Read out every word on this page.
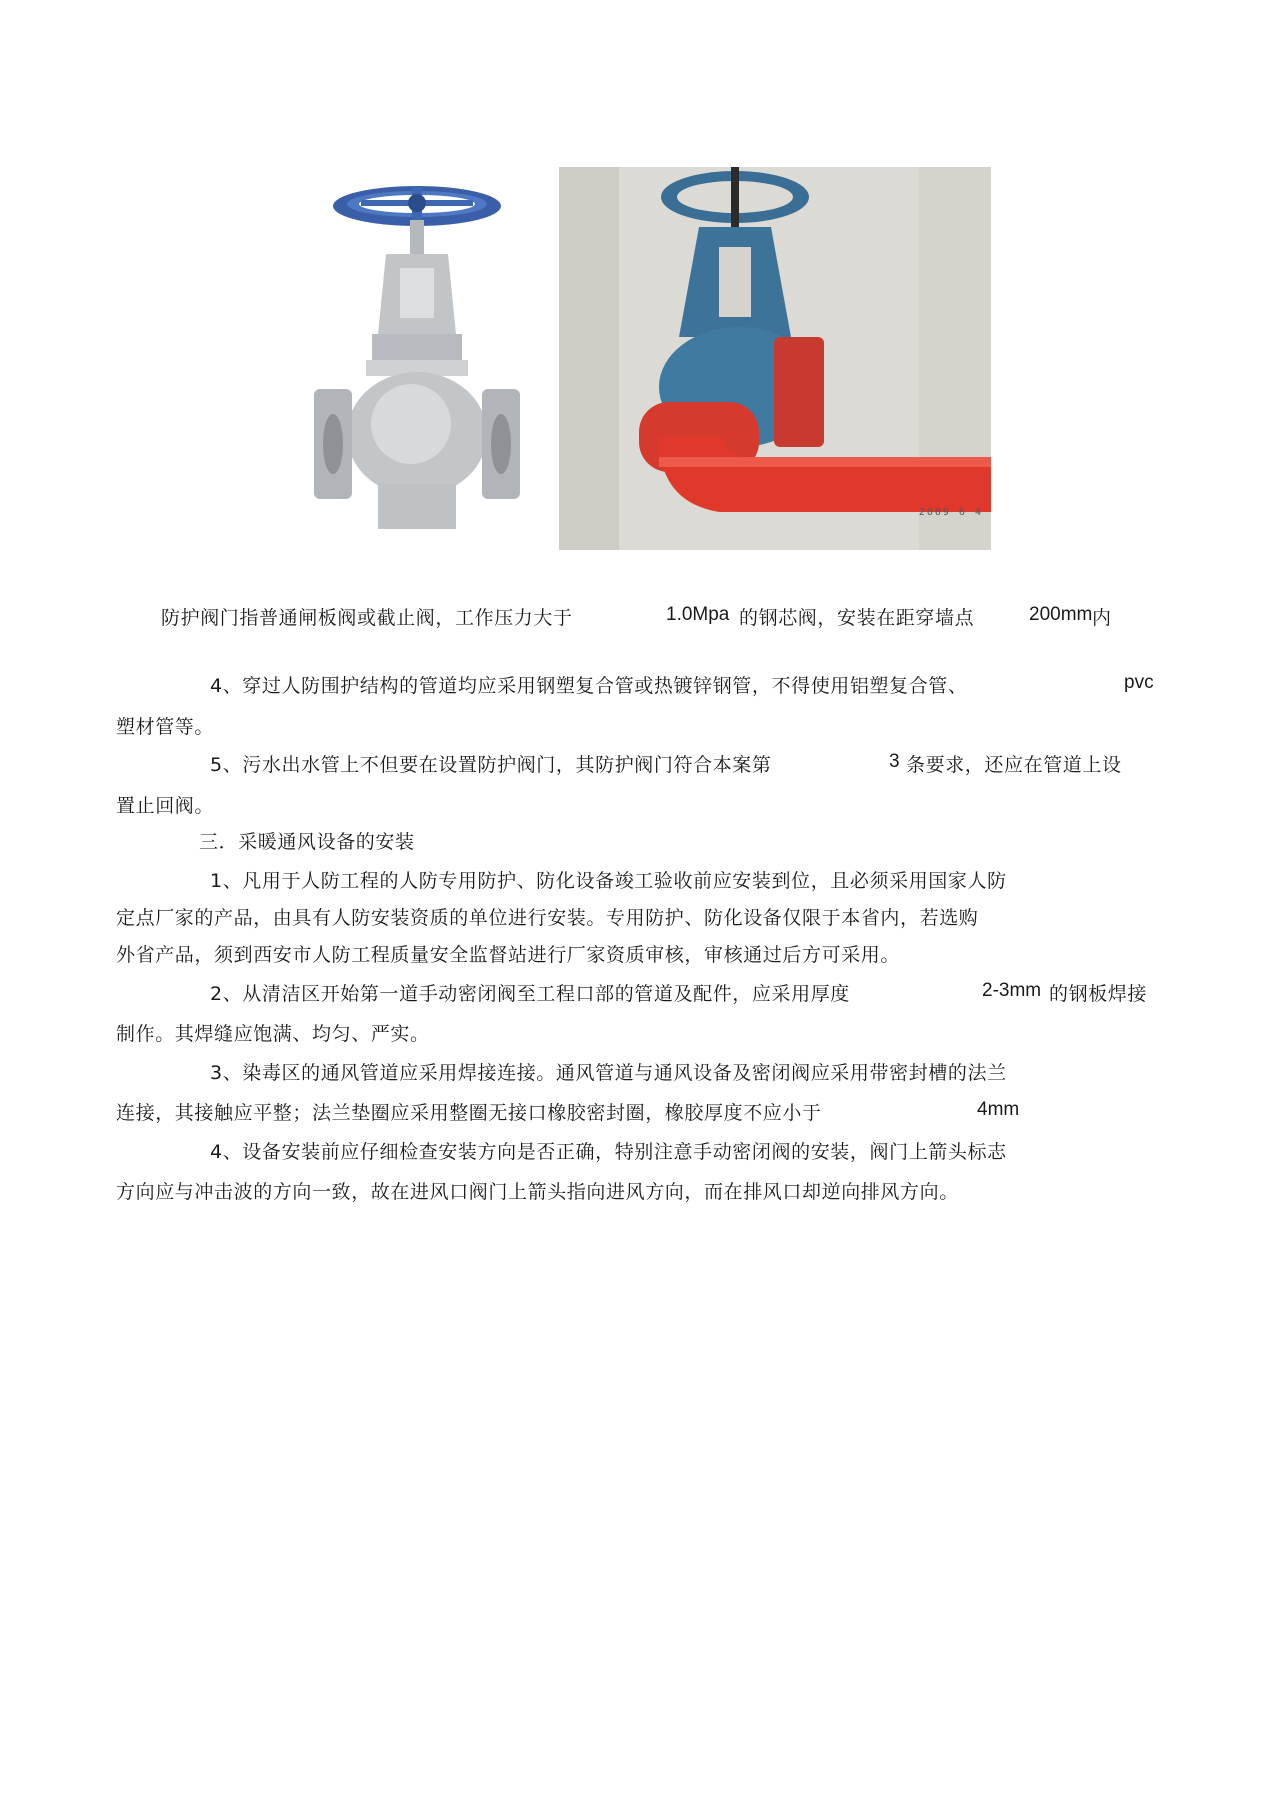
2009 6 4
防护阀门指普通闸板阀或截止阀，工作压力大于	1.0Mpa 的钢芯阀，安装在距穿墙点	200mm 内
4、穿过人防围护结构的管道均应采用钢塑复合管或热镀锌钢管，不得使用铝塑复合管、	pvc
塑材管等。
5、污水出水管上不但要在设置防护阀门，其防护阀门符合本案第	3 条要求，还应在管道上设
置止回阀。
三．采暖通风设备的安装
1、凡用于人防工程的人防专用防护、防化设备竣工验收前应安装到位，且必须采用国家人防
定点厂家的产品，由具有人防安装资质的单位进行安装。专用防护、防化设备仅限于本省内，若选购
外省产品，须到西安市人防工程质量安全监督站进行厂家资质审核，审核通过后方可采用。
2、从清洁区开始第一道手动密闭阀至工程口部的管道及配件，应采用厚度	2-3mm 的钢板焊接
制作。其焊缝应饱满、均匀、严实。
3、染毒区的通风管道应采用焊接连接。通风管道与通风设备及密闭阀应采用带密封槽的法兰
连接，其接触应平整；法兰垫圈应采用整圈无接口橡胶密封圈，橡胶厚度不应小于	4mm
4、设备安装前应仔细检查安装方向是否正确，特别注意手动密闭阀的安装，阀门上箭头标志
方向应与冲击波的方向一致，故在进风口阀门上箭头指向进风方向，而在排风口却逆向排风方向。
